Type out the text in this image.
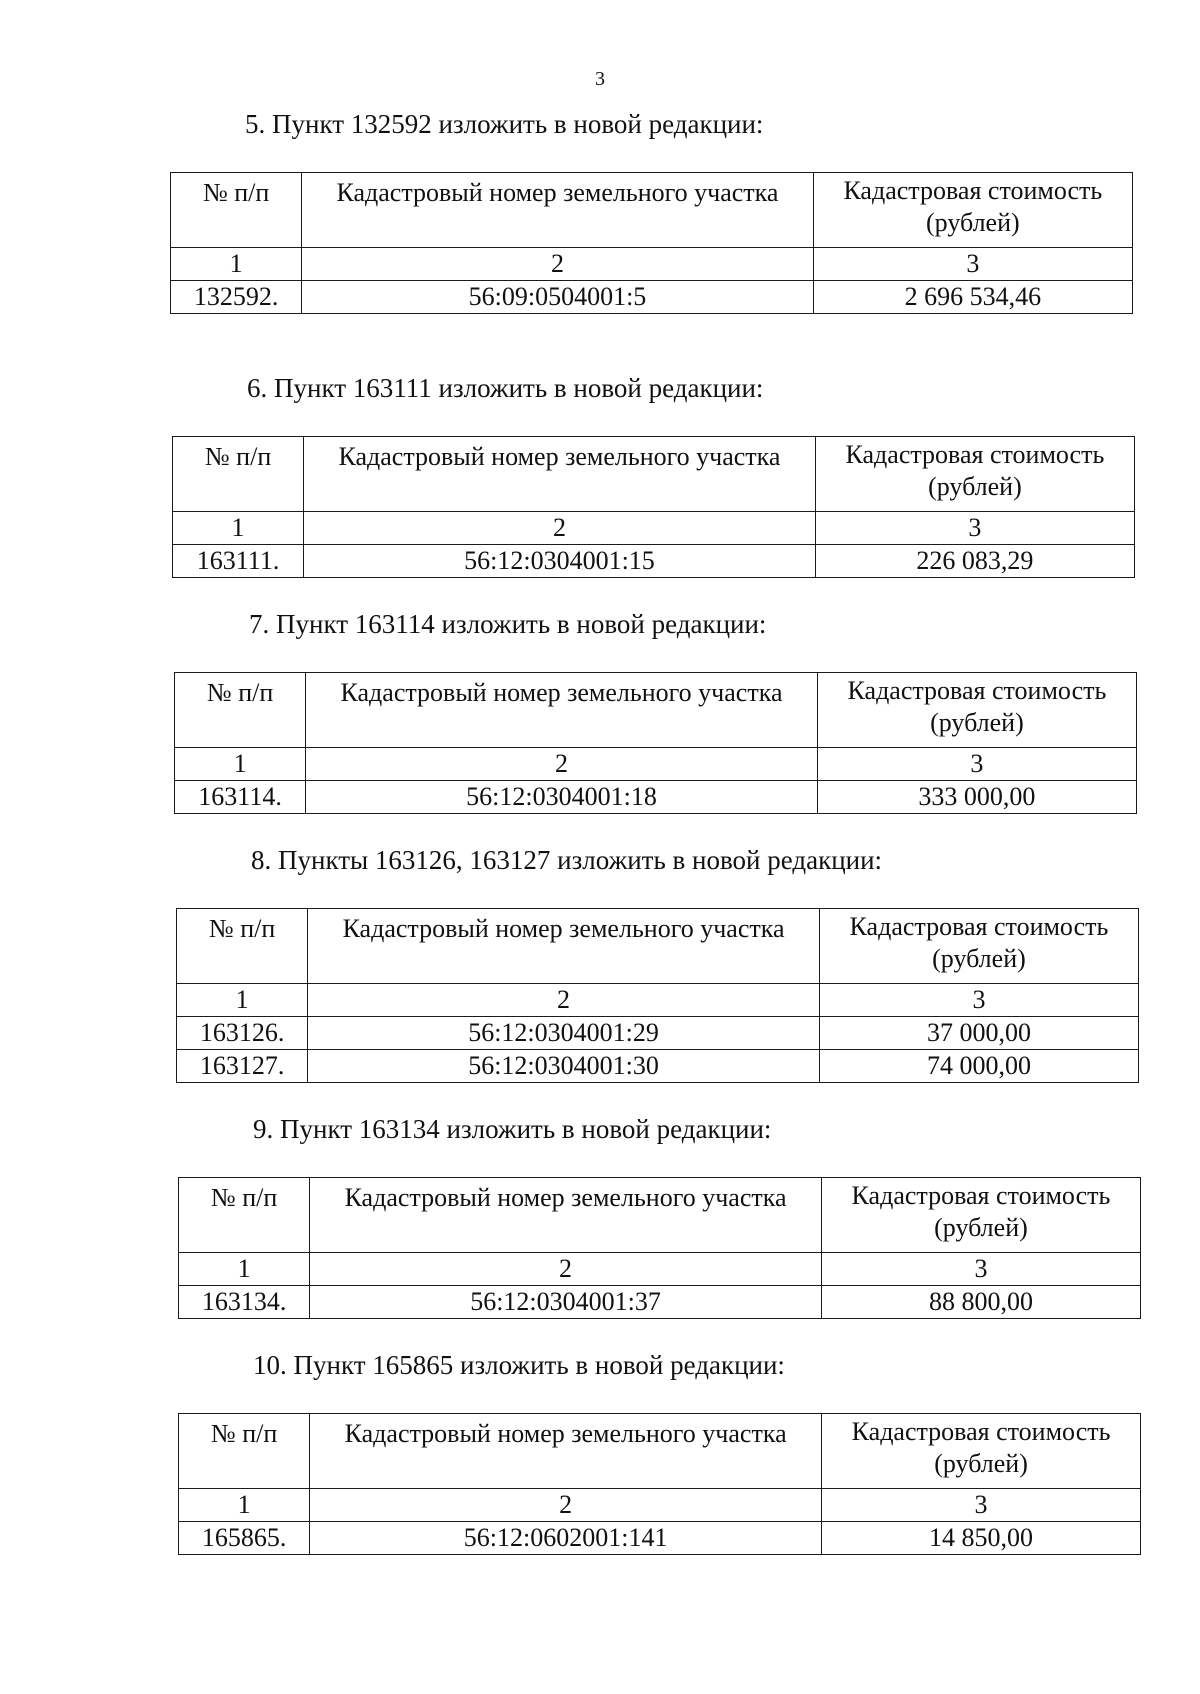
3
5. Пункт 132592 изложить в новой редакции:
№ п/п	Кадастровый номер земельного участка	Кадастровая стоимость (рублей)
1	2	3
132592.	56:09:0504001:5	2 696 534,46
6. Пункт 163111 изложить в новой редакции:
№ п/п	Кадастровый номер земельного участка	Кадастровая стоимость (рублей)
1	2	3
163111.	56:12:0304001:15	226 083,29
7. Пункт 163114 изложить в новой редакции:
№ п/п	Кадастровый номер земельного участка	Кадастровая стоимость (рублей)
1	2	3
163114.	56:12:0304001:18	333 000,00
8. Пункты 163126, 163127 изложить в новой редакции:
№ п/п	Кадастровый номер земельного участка	Кадастровая стоимость (рублей)
1	2	3
163126.	56:12:0304001:29	37 000,00
163127.	56:12:0304001:30	74 000,00
9. Пункт 163134 изложить в новой редакции:
№ п/п	Кадастровый номер земельного участка	Кадастровая стоимость (рублей)
1	2	3
163134.	56:12:0304001:37	88 800,00
10. Пункт 165865 изложить в новой редакции:
№ п/п	Кадастровый номер земельного участка	Кадастровая стоимость (рублей)
1	2	3
165865.	56:12:0602001:141	14 850,00
